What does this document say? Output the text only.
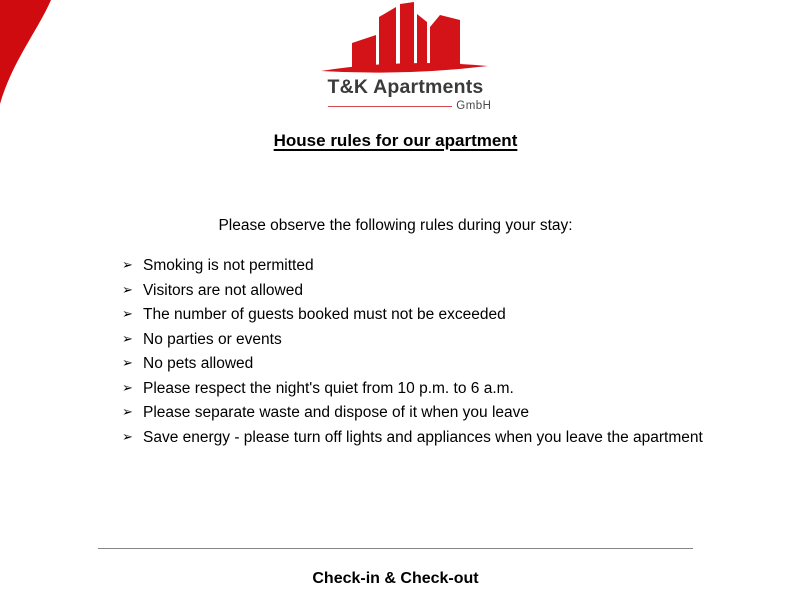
T&K Apartments
GmbH
House rules for our apartment
Please observe the following rules during your stay:
➢ Smoking is not permitted
➢ Visitors are not allowed
➢ The number of guests booked must not be exceeded
➢ No parties or events
➢ No pets allowed
➢ Please respect the night's quiet from 10 p.m. to 6 a.m.
➢ Please separate waste and dispose of it when you leave
➢ Save energy - please turn off lights and appliances when you leave the apartment
Check-in & Check-out
